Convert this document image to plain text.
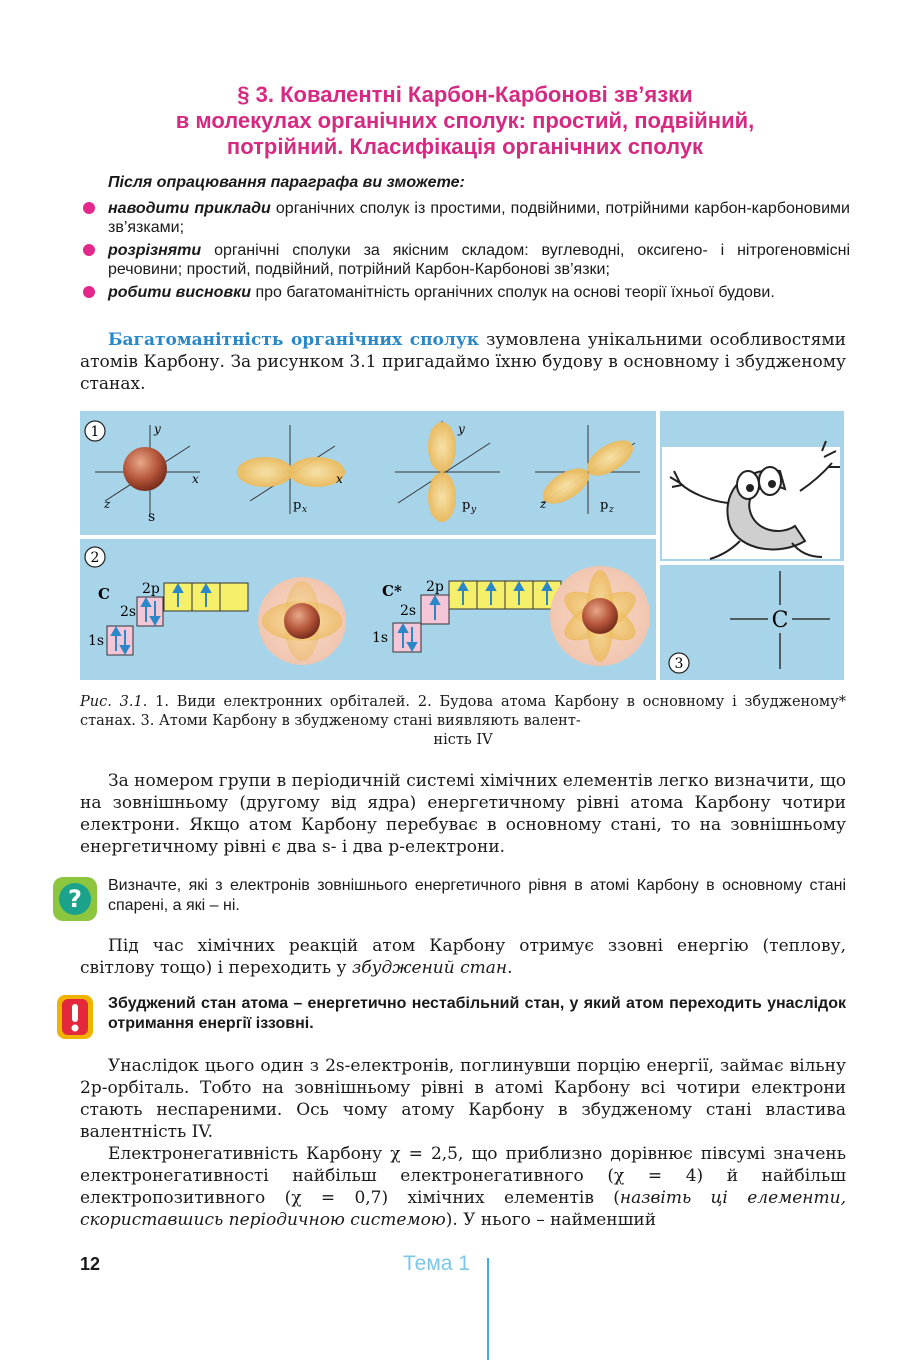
§ 3. Ковалентні Карбон-Карбонові зв’язки
в молекулах органічних сполук: простий, подвійний,
потрійний. Класифікація органічних сполук
Після опрацювання параграфа ви зможете:
наводити приклади органічних сполук із простими, подвійними, потрійними карбон-карбоновими зв’язками;
розрізняти органічні сполуки за якісним складом: вуглеводні, оксигено- і нітрогеновмісні речовини; простий, подвійний, потрійний Карбон-Карбонові зв’язки;
робити висновки про багатоманітність органічних сполук на основі теорії їхньої будови.

Багатоманітність органічних сполук зумовлена унікальними особливостями атомів Карбону. За рисунком 3.1 пригадаймо їхню будову в основному і збудженому станах.

1	y
x
z
s
x
p x
y
p y	z	p z
2
C
1s
2s
2p	C*
1s
2s
2p
C
3

Рис. 3.1. 1. Види електронних орбіталей. 2. Будова атома Карбону в основному і збудженому* станах. 3. Атоми Карбону в збудженому стані виявляють валент-
ність IV

За номером групи в періодичній системі хімічних елементів легко визначити, що на зовнішньому (другому від ядра) енергетичному рівні атома Карбону чотири електрони. Якщо атом Карбону перебуває в основному стані, то на зовнішньому енергетичному рівні є два s- і два p-електрони.

? Визначте, які з електронів зовнішнього енергетичного рівня в атомі Карбону в основному стані спарені, а які – ні.

Під час хімічних реакцій атом Карбону отримує ззовні енергію (теплову, світлову тощо) і переходить у збуджений стан.

Збуджений стан атома – енергетично нестабільний стан, у який атом переходить унаслідок отримання енергії іззовні.

Унаслідок цього один з 2s-електронів, поглинувши порцію енергії, займає вільну 2p-орбіталь. Тобто на зовнішньому рівні в атомі Карбону всі чотири електрони стають неспареними. Ось чому атому Карбону в збудженому стані властива валентність IV.

Електронегативність Карбону χ = 2,5, що приблизно дорівнює півсумі значень електронегативності найбільш електронегативного (χ = 4) й найбільш електропозитивного (χ = 0,7) хімічних елементів (назвіть ці елементи, скориставшись періодичною системою). У нього – найменший

12	Тема 1
